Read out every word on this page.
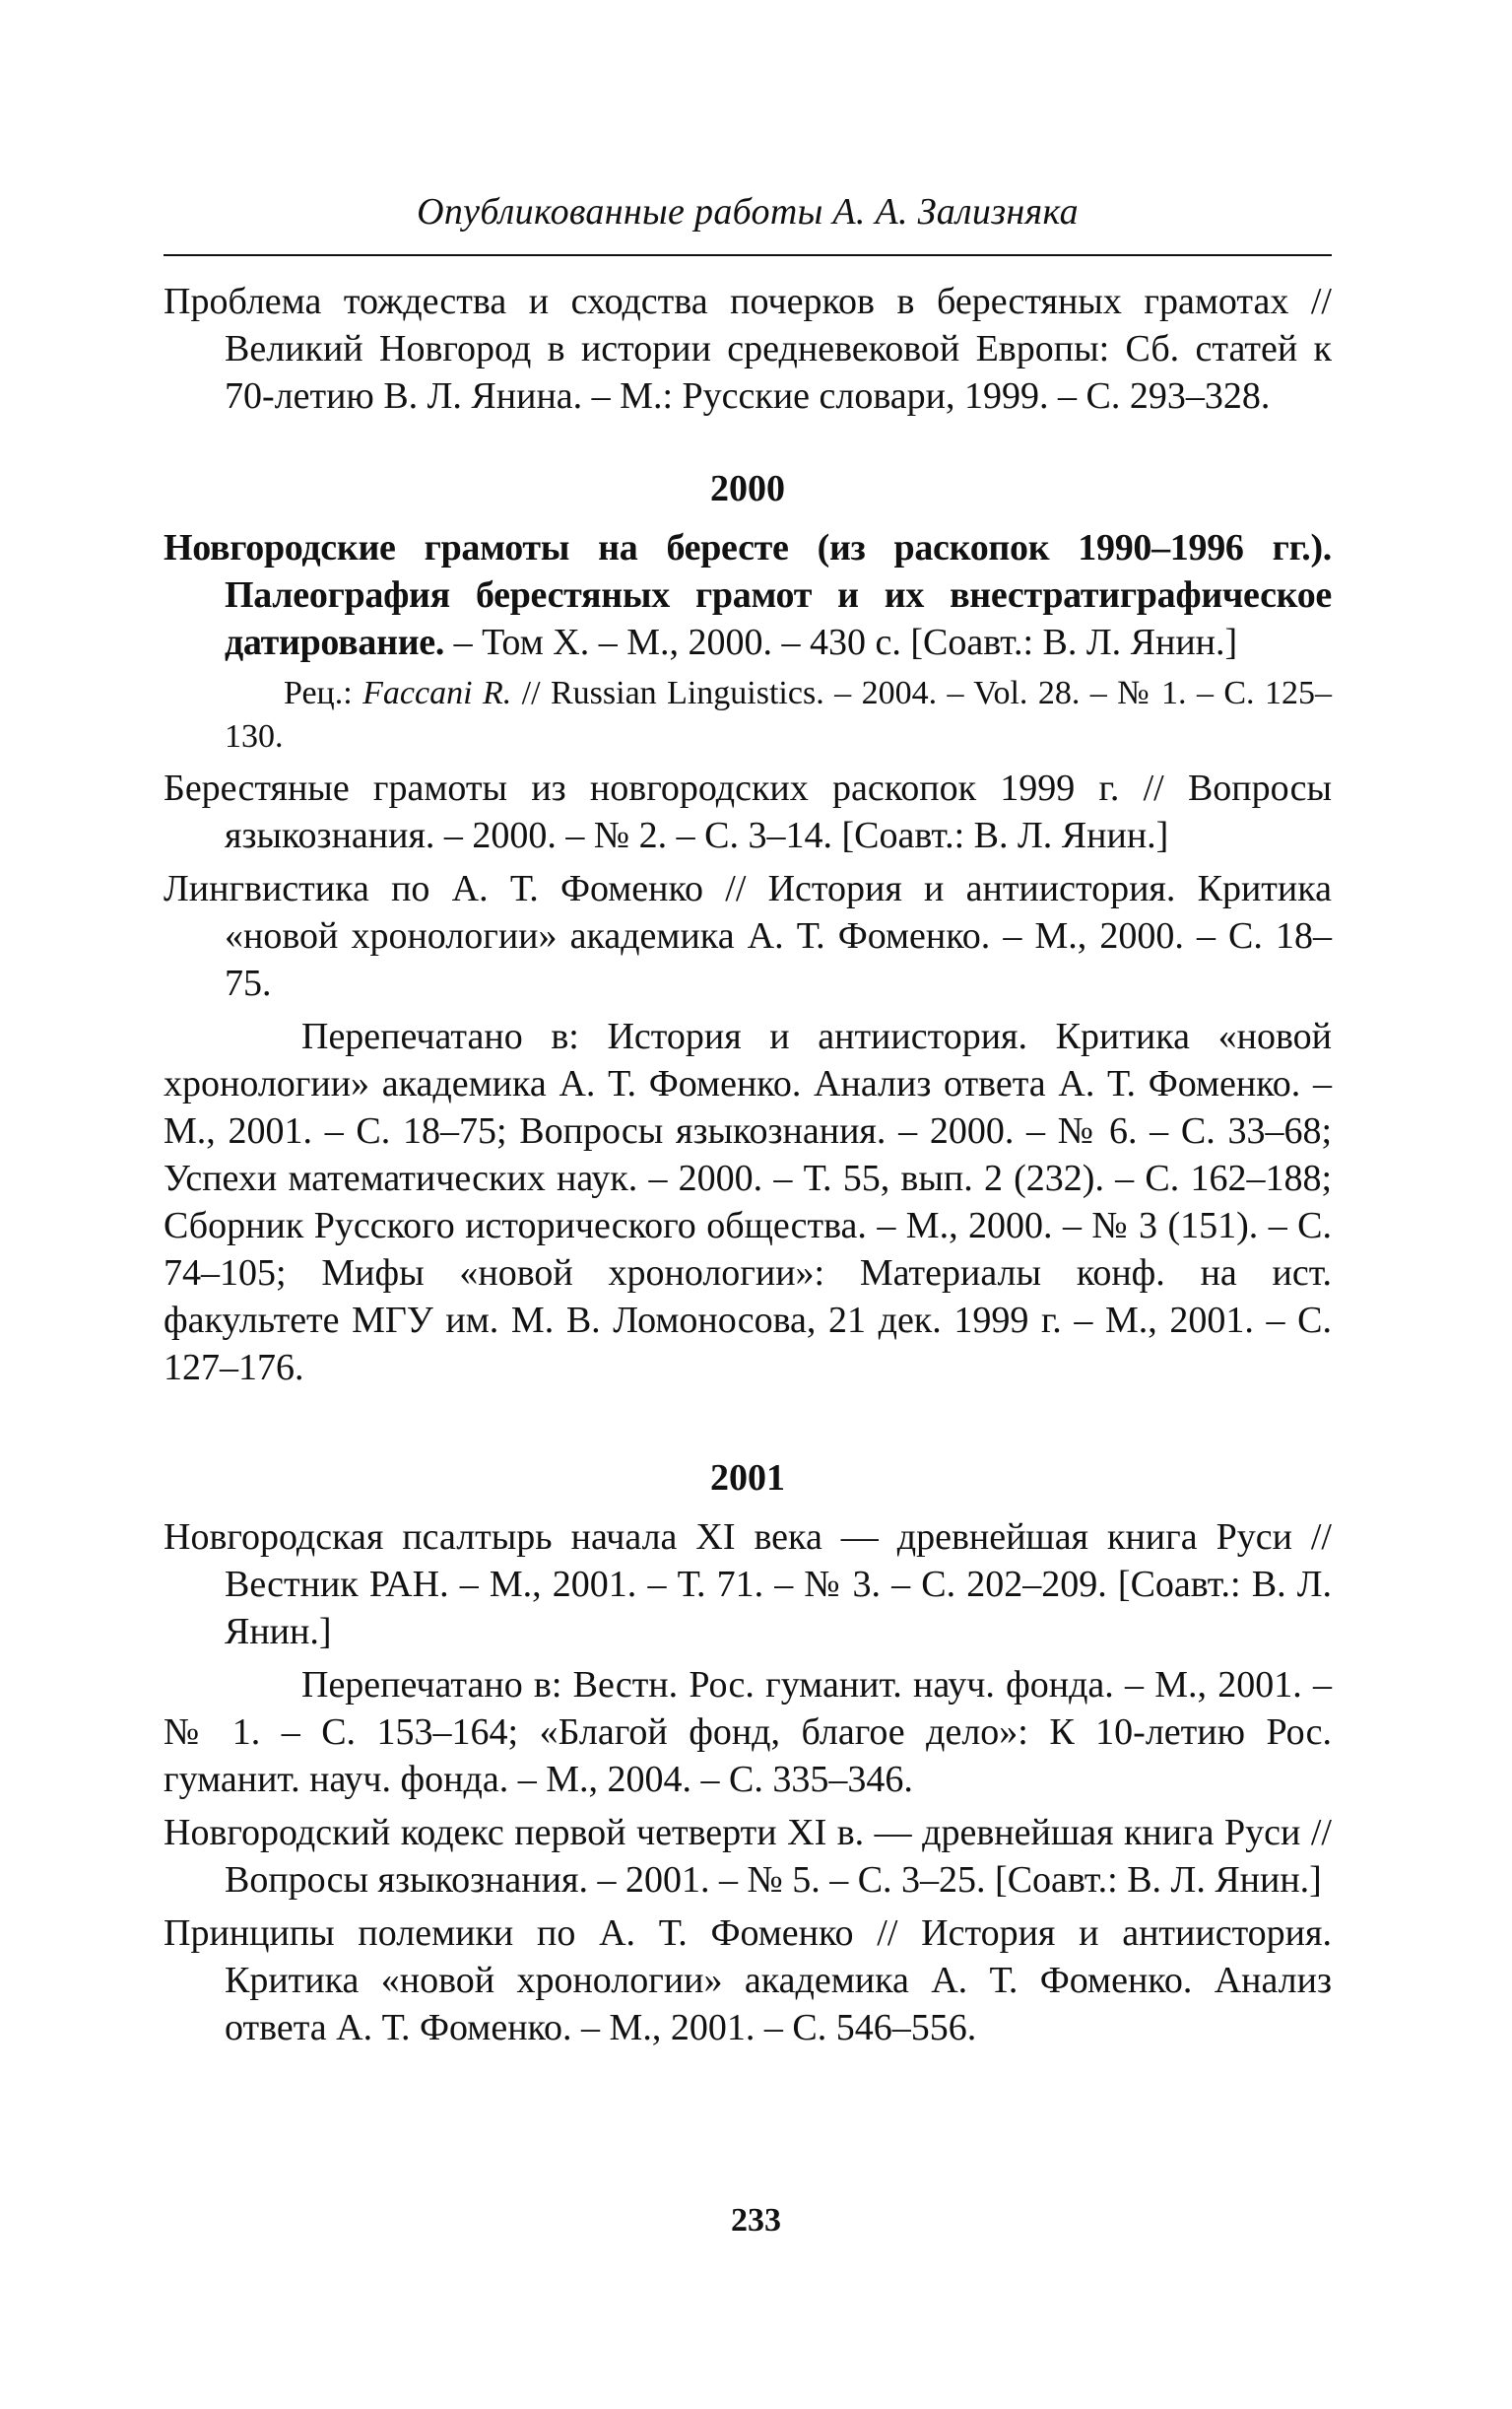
Опубликованные работы А. А. Зализняка

Проблема тождества и сходства почерков в берестяных грамотах // Великий Новгород в истории средневековой Европы: Сб. статей к 70-летию В. Л. Янина. – М.: Русские словари, 1999. – С. 293–328.

2000

Новгородские грамоты на бересте (из раскопок 1990–1996 гг.). Палеография берестяных грамот и их внестратиграфическое датирование. – Том X. – М., 2000. – 430 с. [Соавт.: В. Л. Янин.]

Рец.: Faccani R. // Russian Linguistics. – 2004. – Vol. 28. – № 1. – С. 125–130.

Берестяные грамоты из новгородских раскопок 1999 г. // Вопросы языкознания. – 2000. – № 2. – С. 3–14. [Соавт.: В. Л. Янин.]

Лингвистика по А. Т. Фоменко // История и антиистория. Критика «новой хронологии» академика А. Т. Фоменко. – М., 2000. – С. 18–75.

Перепечатано в: История и антиистория. Критика «новой хронологии» академика А. Т. Фоменко. Анализ ответа А. Т. Фоменко. – М., 2001. – С. 18–75; Вопросы языкознания. – 2000. – № 6. – С. 33–68; Успехи математических наук. – 2000. – Т. 55, вып. 2 (232). – С. 162–188; Сборник Русского исторического общества. – М., 2000. – № 3 (151). – С. 74–105; Мифы «новой хронологии»: Материалы конф. на ист. факультете МГУ им. М. В. Ломоносова, 21 дек. 1999 г. – М., 2001. – С. 127–176.

2001

Новгородская псалтырь начала XI века — древнейшая книга Руси // Вестник РАН. – М., 2001. – Т. 71. – № 3. – С. 202–209. [Соавт.: В. Л. Янин.]

Перепечатано в: Вестн. Рос. гуманит. науч. фонда. – М., 2001. – № 1. – С. 153–164; «Благой фонд, благое дело»: К 10-летию Рос. гуманит. науч. фонда. – М., 2004. – С. 335–346.

Новгородский кодекс первой четверти XI в. — древнейшая книга Руси // Вопросы языкознания. – 2001. – № 5. – С. 3–25. [Соавт.: В. Л. Янин.]

Принципы полемики по А. Т. Фоменко // История и антиистория. Критика «новой хронологии» академика А. Т. Фоменко. Анализ ответа А. Т. Фоменко. – М., 2001. – С. 546–556.

233
